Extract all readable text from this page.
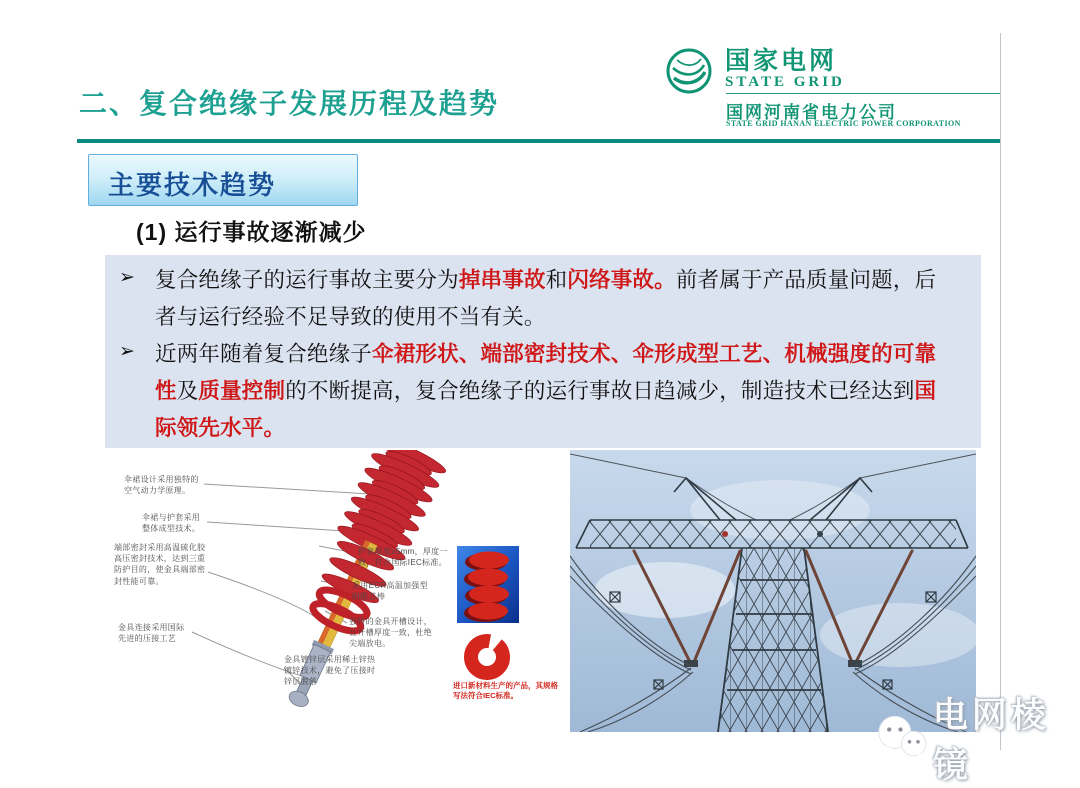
二、复合绝缘子发展历程及趋势
国家电网
STATE GRID
国网河南省电力公司
STATE GRID HANAN ELECTRIC POWER CORPORATION
主要技术趋势
(1) 运行事故逐渐减少
➢ 复合绝缘子的运行事故主要分为掉串事故和闪络事故。前者属于产品质量问题，后者与运行经验不足导致的使用不当有关。
➢ 近两年随着复合绝缘子伞裙形状、端部密封技术、伞形成型工艺、机械强度的可靠性及质量控制的不断提高，复合绝缘子的运行事故日趋减少，制造技术已经达到国际领先水平。
伞裙设计采用独特的空气动力学原理。
伞裙与护套采用整体成型技术。
端部密封采用高温硫化胶高压密封技术，达到三重防护目的，使金具端部密封性能可靠。
金具连接采用国际先进的压接工艺
护套厚度≥5mm，厚度一致，符合国际IEC标准。
采用ECR高温加强型耐酸芯棒
独特的金具开槽设计，且开槽厚度一致，杜绝尖端放电。
金具镀锌层采用稀土锌热镀锌技术，避免了压接时锌层脱落	进口新材料生产的产品，其规格写法符合IEC标准。
电网棱镜
